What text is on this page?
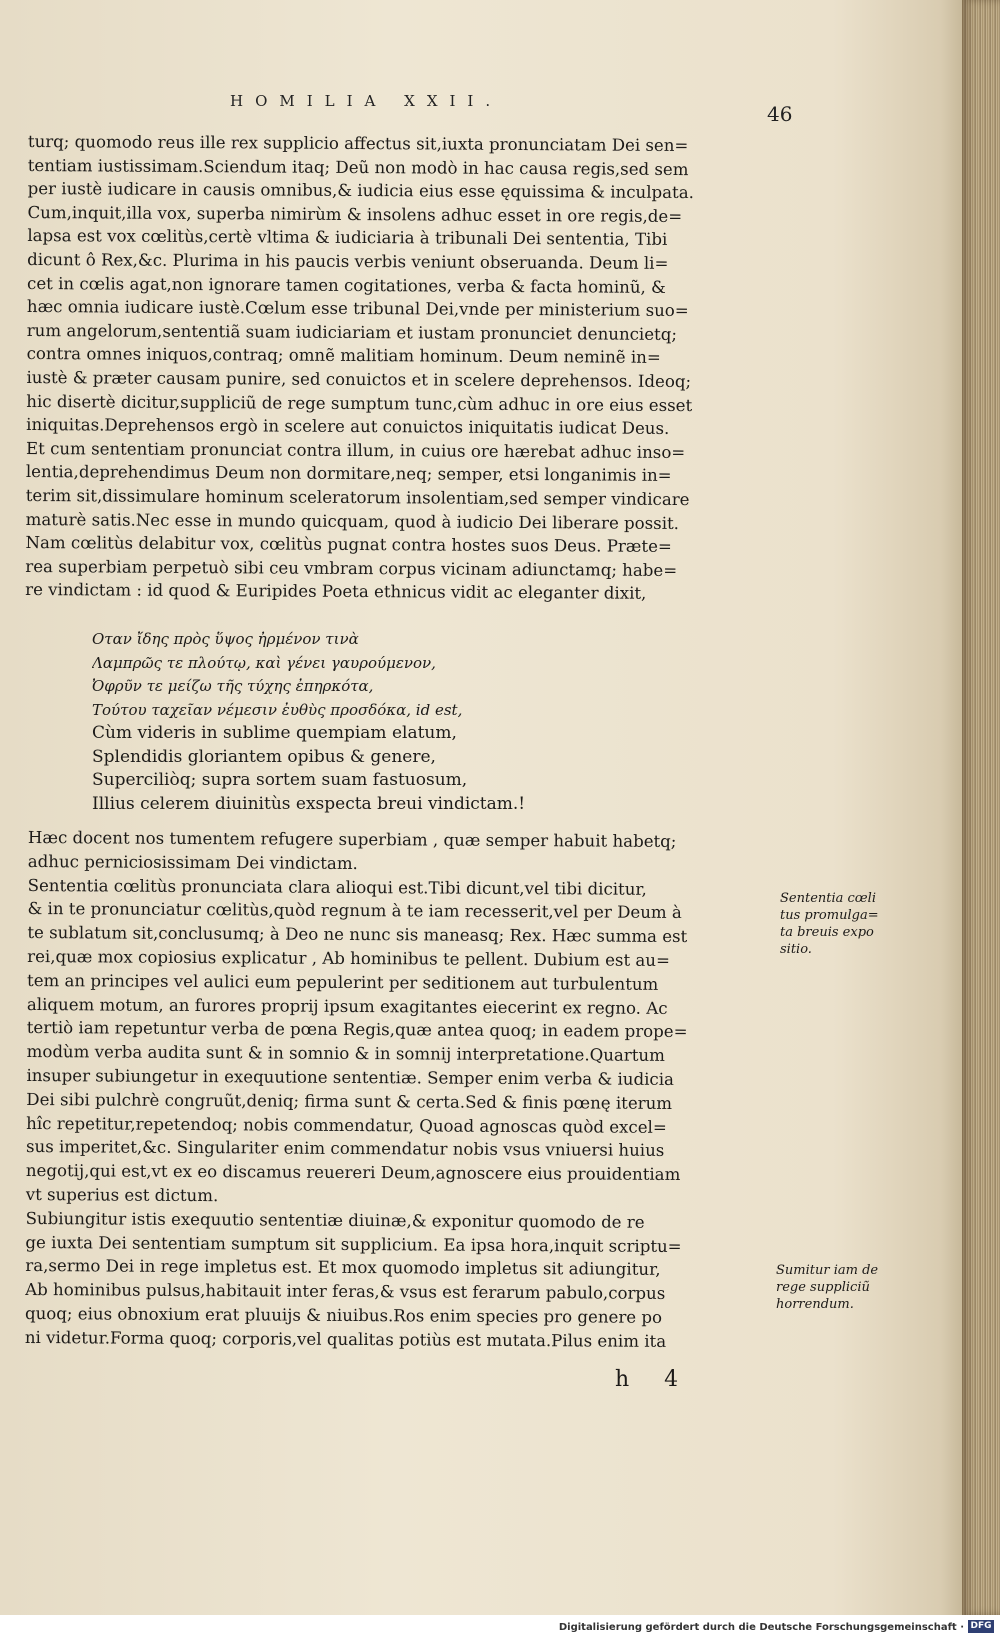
HOMILIA XXII.
46
turq; quomodo reus ille rex supplicio affectus sit,iuxta pronunciatam Dei sen=
tentiam iustissimam.Sciendum itaq; Deũ non modò in hac causa regis,sed sem
per iustè iudicare in causis omnibus,& iudicia eius esse ęquissima & inculpata.
Cum,inquit,illa vox, superba nimirùm & insolens adhuc esset in ore regis,de=
lapsa est vox cœlitùs,certè vltima & iudiciaria à tribunali Dei sententia, Tibi
dicunt ô Rex,&c. Plurima in his paucis verbis veniunt obseruanda. Deum li=
cet in cœlis agat,non ignorare tamen cogitationes, verba & facta hominũ, &
hæc omnia iudicare iustè.Cœlum esse tribunal Dei,vnde per ministerium suo=
rum angelorum,sententiã suam iudiciariam et iustam pronunciet denuncietq;
contra omnes iniquos,contraq; omnẽ malitiam hominum. Deum neminẽ in=
iustè & præter causam punire, sed conuictos et in scelere deprehensos. Ideoq;
hic disertè dicitur,suppliciũ de rege sumptum tunc,cùm adhuc in ore eius esset
iniquitas.Deprehensos ergò in scelere aut conuictos iniquitatis iudicat Deus.
Et cum sententiam pronunciat contra illum, in cuius ore hærebat adhuc inso=
lentia,deprehendimus Deum non dormitare,neq; semper, etsi longanimis in=
terim sit,dissimulare hominum sceleratorum insolentiam,sed semper vindicare
maturè satis.Nec esse in mundo quicquam, quod à iudicio Dei liberare possit.
Nam cœlitùs delabitur vox, cœlitùs pugnat contra hostes suos Deus. Præte=
rea superbiam perpetuò sibi ceu vmbram corpus vicinam adiunctamq; habe=
re vindictam : id quod & Euripides Poeta ethnicus vidit ac eleganter dixit,
Οταν ἴδης πρὸς ὕψος ἠρμένον τινὰ
Λαμπρῶς τε πλούτῳ, καὶ γένει γαυρούμενον,
Ὀφρῦν τε μείζω τῆς τύχης ἐπηρκότα,
Τούτου ταχεῖαν νέμεσιν ἐυθὺς προσδόκα, id est,
Cùm videris in sublime quempiam elatum,
Splendidis gloriantem opibus & genere,
Superciliòq; supra sortem suam fastuosum,
Illius celerem diuinitùs exspecta breui vindictam.!
Hæc docent nos tumentem refugere superbiam , quæ semper habuit habetq;
adhuc perniciosissimam Dei vindictam.
Sententia cœlitùs pronunciata clara alioqui est.Tibi dicunt,vel tibi dicitur,
& in te pronunciatur cœlitùs,quòd regnum à te iam recesserit,vel per Deum à
te sublatum sit,conclusumq; à Deo ne nunc sis maneasq; Rex. Hæc summa est
rei,quæ mox copiosius explicatur , Ab hominibus te pellent. Dubium est au=
tem an principes vel aulici eum pepulerint per seditionem aut turbulentum
aliquem motum, an furores proprij ipsum exagitantes eiecerint ex regno. Ac
tertiò iam repetuntur verba de pœna Regis,quæ antea quoq; in eadem prope=
modùm verba audita sunt & in somnio & in somnij interpretatione.Quartum
insuper subiungetur in exequutione sententiæ. Semper enim verba & iudicia
Dei sibi pulchrè congruũt,deniq; firma sunt & certa.Sed & finis pœnę iterum
hîc repetitur,repetendoq; nobis commendatur, Quoad agnoscas quòd excel=
sus imperitet,&c. Singulariter enim commendatur nobis vsus vniuersi huius
negotij,qui est,vt ex eo discamus reuereri Deum,agnoscere eius prouidentiam
vt superius est dictum.
Subiungitur istis exequutio sententiæ diuinæ,& exponitur quomodo de re
ge iuxta Dei sententiam sumptum sit supplicium. Ea ipsa hora,inquit scriptu=
ra,sermo Dei in rege impletus est. Et mox quomodo impletus sit adiungitur,
Ab hominibus pulsus,habitauit inter feras,& vsus est ferarum pabulo,corpus
quoq; eius obnoxium erat pluuijs & niuibus.Ros enim species pro genere po
ni videtur.Forma quoq; corporis,vel qualitas potiùs est mutata.Pilus enim ita
Sententia cœli
tus promulga=
ta breuis expo
sitio.
Sumitur iam de
rege suppliciũ
horrendum.
h 4
Digitalisierung gefördert durch die Deutsche Forschungsgemeinschaft · DFG
